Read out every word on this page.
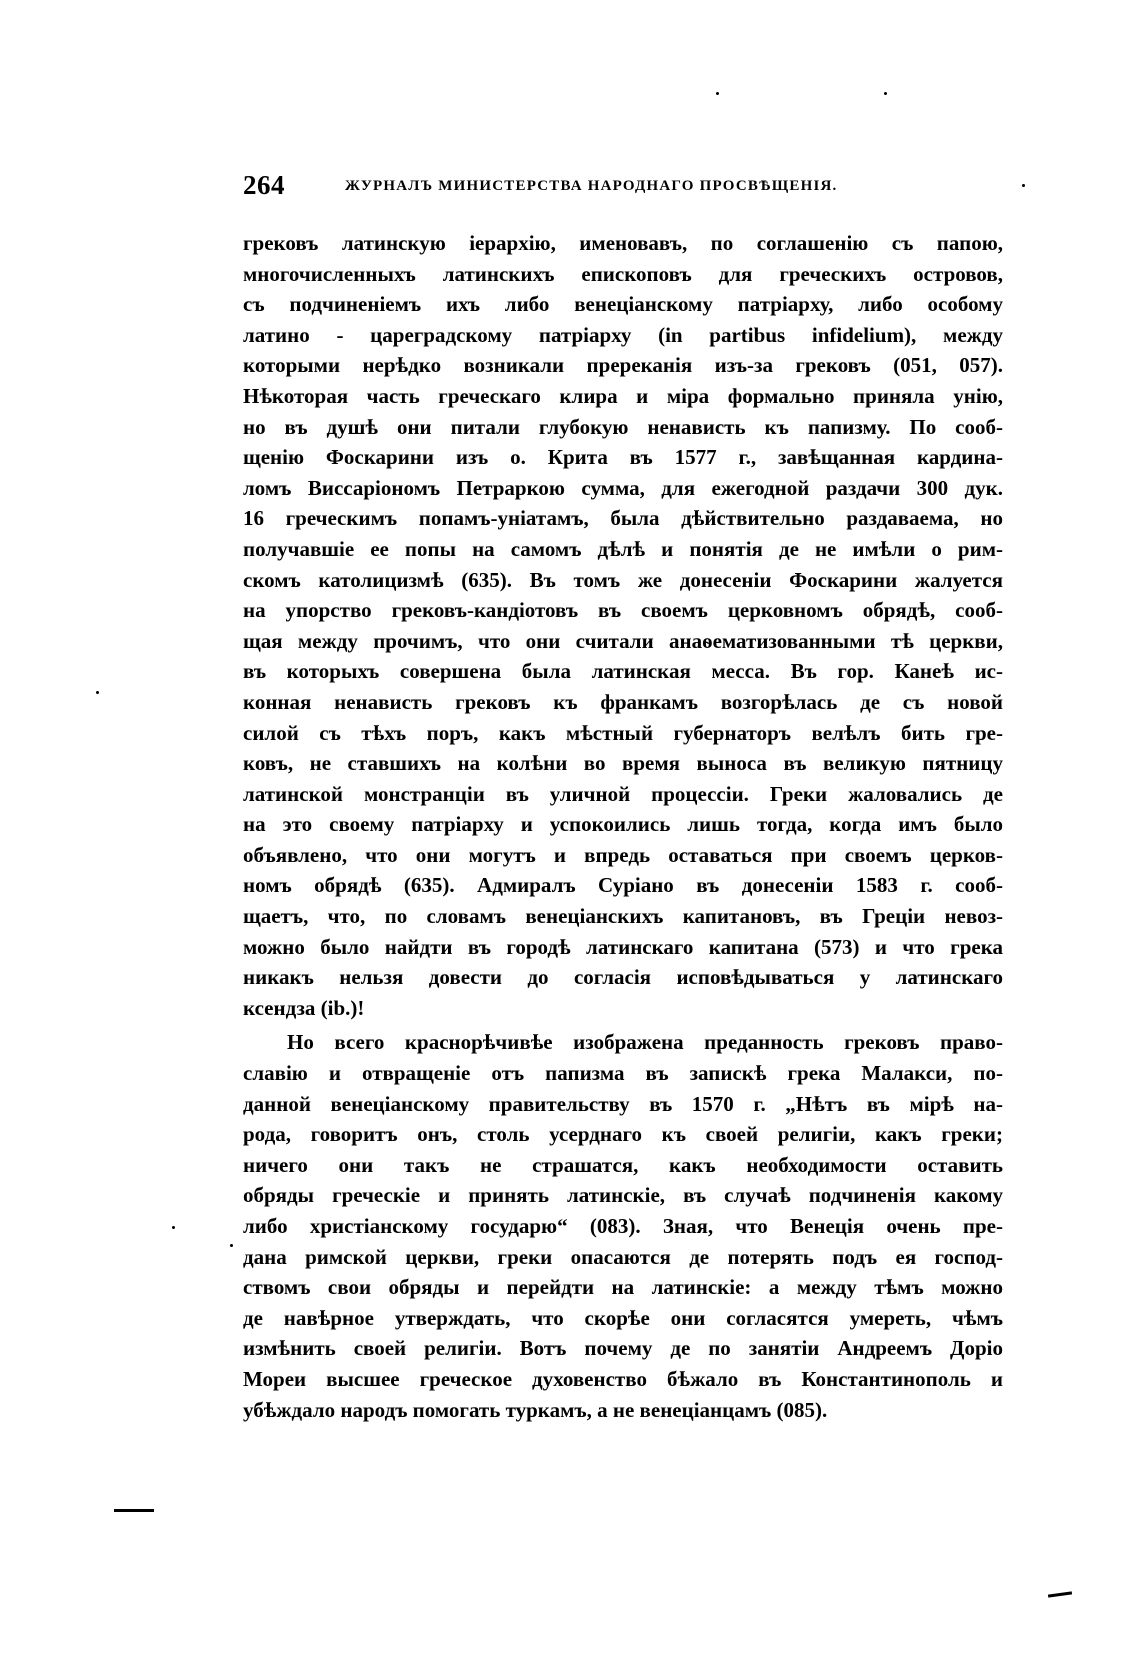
264	ЖУРНАЛЪ МИНИСТЕРСТВА НАРОДНАГО ПРОСВѢЩЕНІЯ.
грековъ латинскую іерархію, именовавъ, по соглашенію съ папою,
многочисленныхъ латинскихъ епископовъ для греческихъ островов,
съ подчиненіемъ ихъ либо венеціанскому патріарху, либо особому
латино - цареградскому патріарху (in partibus infidelium), между
которыми нерѣдко возникали пререканія изъ-за грековъ (051, 057).
Нѣкоторая часть греческаго клира и міра формально приняла унію,
но въ душѣ они питали глубокую ненависть къ папизму. По сооб-
щенію Фоскарини изъ о. Крита въ 1577 г., завѣщанная кардина-
ломъ Виссаріономъ Петраркою сумма, для ежегодной раздачи 300 дук.
16 греческимъ попамъ-уніатамъ, была дѣйствительно раздаваема, но
получавшіе ее попы на самомъ дѣлѣ и понятія де не имѣли о рим-
скомъ католицизмѣ (635). Въ томъ же донесеніи Фоскарини жалуется
на упорство грековъ-кандіотовъ въ своемъ церковномъ обрядѣ, сооб-
щая между прочимъ, что они считали анаѳематизованными тѣ церкви,
въ которыхъ совершена была латинская месса. Въ гор. Канеѣ ис-
конная ненависть грековъ къ франкамъ возгорѣлась де съ новой
силой съ тѣхъ поръ, какъ мѣстный губернаторъ велѣлъ бить гре-
ковъ, не ставшихъ на колѣни во время выноса въ великую пятницу
латинской монстранціи въ уличной процессіи. Греки жаловались де
на это своему патріарху и успокоились лишь тогда, когда имъ было
объявлено, что они могутъ и впредь оставаться при своемъ церков-
номъ обрядѣ (635). Адмиралъ Суріано въ донесеніи 1583 г. сооб-
щаетъ, что, по словамъ венеціанскихъ капитановъ, въ Греціи невоз-
можно было найдти въ городѣ латинскаго капитана (573) и что грека
никакъ нельзя довести до согласія исповѣдываться у латинскаго
ксендза (ib.)!
Но всего краснорѣчивѣе изображена преданность грековъ право-
славію и отвращеніе отъ папизма въ запискѣ грека Малакси, по-
данной венеціанскому правительству въ 1570 г. „Нѣтъ въ мірѣ на-
рода, говоритъ онъ, столь усерднаго къ своей религіи, какъ греки;
ничего они такъ не страшатся, какъ необходимости оставить
обряды греческіе и принять латинскіе, въ случаѣ подчиненія какому
либо христіанскому государю“ (083). Зная, что Венеція очень пре-
дана римской церкви, греки опасаются де потерять подъ ея господ-
ствомъ свои обряды и перейдти на латинскіе: а между тѣмъ можно
де навѣрное утверждать, что скорѣе они согласятся умереть, чѣмъ
измѣнить своей религіи. Вотъ почему де по занятіи Андреемъ Доріо
Мореи высшее греческое духовенство бѣжало въ Константинополь и
убѣждало народъ помогать туркамъ, а не венеціанцамъ (085).
